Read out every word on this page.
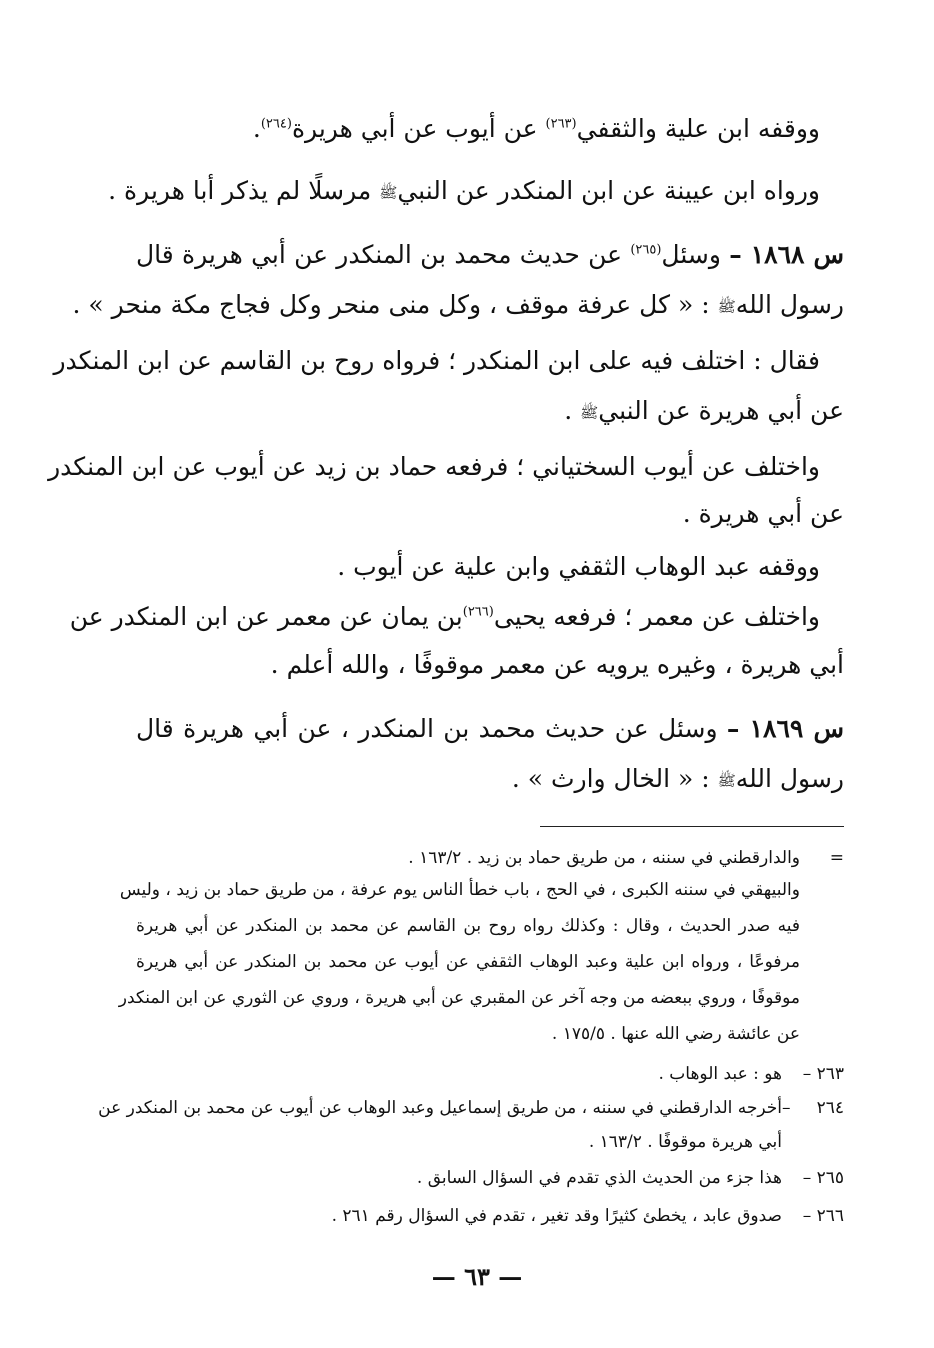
ووقفه ابن علية والثقفي$^{(٢٦٣)}$ عن أيوب عن أبي هريرة$^{(٢٦٤)}$.
ورواه ابن عيينة عن ابن المنكدر عن النبيﷺ مرسلًا لم يذكر أبا هريرة .
س ١٨٦٨ – وسئل$^{(٢٦٥)}$ عن حديث محمد بن المنكدر عن أبي هريرة قال
رسول اللهﷺ : « كل عرفة موقف ، وكل منى منحر وكل فجاج مكة منحر » .
فقال : اختلف فيه على ابن المنكدر ؛ فرواه روح بن القاسم عن ابن المنكدر
عن أبي هريرة عن النبيﷺ .
واختلف عن أيوب السختياني ؛ فرفعه حماد بن زيد عن أيوب عن ابن المنكدر
عن أبي هريرة .
ووقفه عبد الوهاب الثقفي وابن علية عن أيوب .
واختلف عن معمر ؛ فرفعه يحيى$^{(٢٦٦)}$بن يمان عن معمر عن ابن المنكدر عن
أبي هريرة ، وغيره يرويه عن معمر موقوفًا ، والله أعلم .
س ١٨٦٩ – وسئل عن حديث محمد بن المنكدر ، عن أبي هريرة قال
رسول اللهﷺ : « الخال وارث » .
=والدارقطني في سننه ، من طريق حماد بن زيد . ١٦٣/٢ .
والبيهقي في سننه الكبرى ، في الحج ، باب خطأ الناس يوم عرفة ، من طريق حماد بن زيد ، وليس
فيه صدر الحديث ، وقال : وكذلك رواه روح بن القاسم عن محمد بن المنكدر عن أبي هريرة
مرفوعًا ، ورواه ابن علية وعبد الوهاب الثقفي عن أيوب عن محمد بن المنكدر عن أبي هريرة
موقوفًا ، وروي ببعضه من وجه آخر عن المقبري عن أبي هريرة ، وروي عن الثوري عن ابن المنكدر
عن عائشة رضي الله عنها . ١٧٥/٥ .
٢٦٣ –هو : عبد الوهاب .
٢٦٤ –أخرجه الدارقطني في سننه ، من طريق إسماعيل وعبد الوهاب عن أيوب عن محمد بن المنكدر عن
أبي هريرة موقوفًا . ١٦٣/٢ .
٢٦٥ –هذا جزء من الحديث الذي تقدم في السؤال السابق .
٢٦٦ –صدوق عابد ، يخطئ كثيرًا وقد تغير ، تقدم في السؤال رقم ٢٦١ .
— ٦٣ —
